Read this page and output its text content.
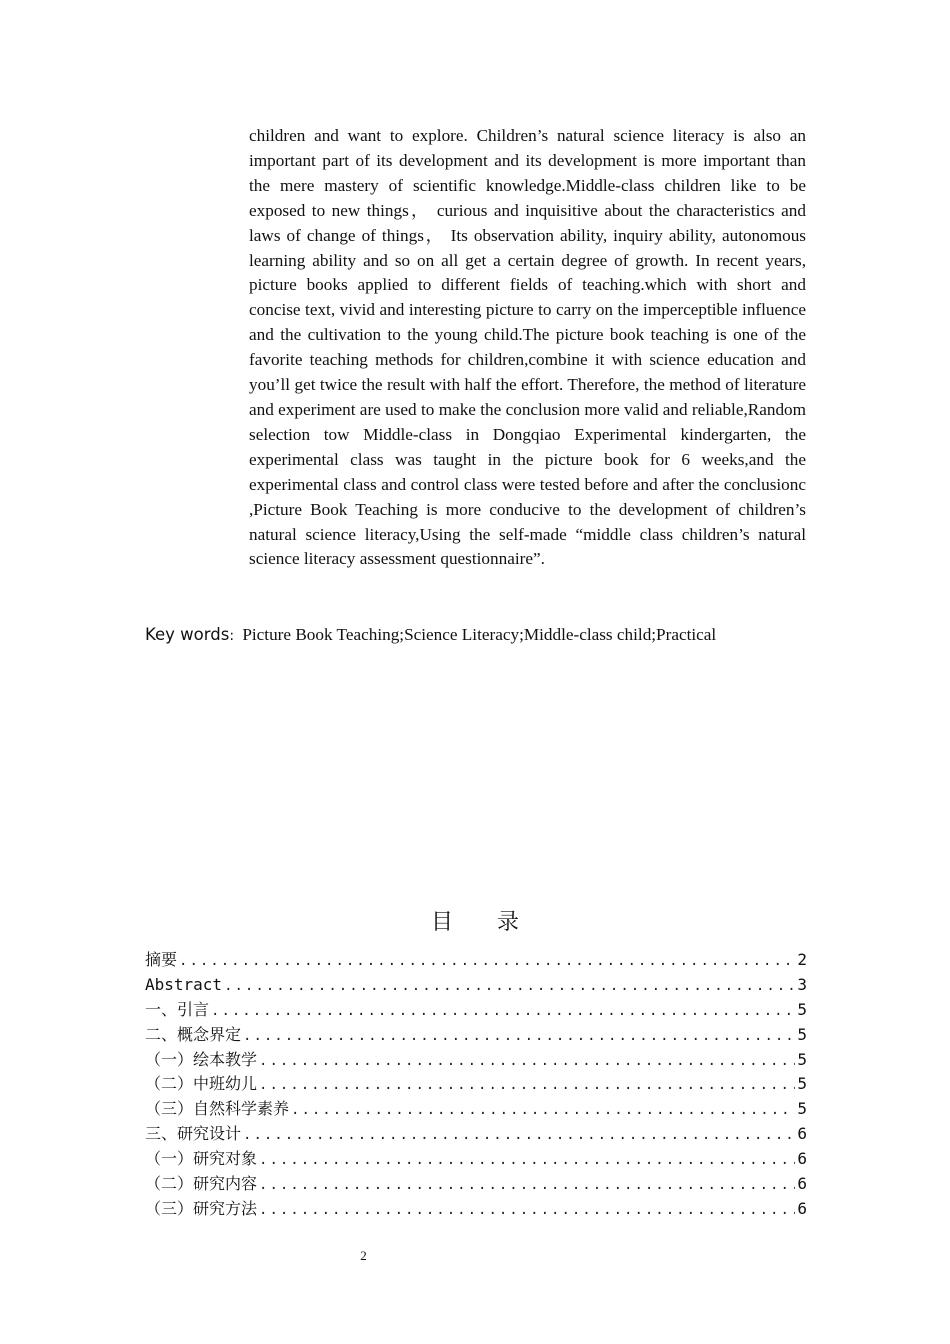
children and want to explore. Children’s natural science literacy is also an important part of its development and its development is more important than the mere mastery of scientific knowledge.Middle-class children like to be exposed to new things， curious and inquisitive about the characteristics and laws of change of things， Its observation ability, inquiry ability, autonomous learning ability and so on all get a certain degree of growth. In recent years, picture books applied to different fields of teaching.which with short and concise text, vivid and interesting picture to carry on the imperceptible influence and the cultivation to the young child.The picture book teaching is one of the favorite teaching methods for children,combine it with science education and you’ll get twice the result with half the effort. Therefore, the method of literature and experiment are used to make the conclusion more valid and reliable,Random selection tow Middle-class in Dongqiao Experimental kindergarten, the experimental class was taught in the picture book for 6 weeks,and the experimental class and control class were tested before and after the conclusionc ,Picture Book Teaching is more conducive to the development of children’s natural science literacy,Using the self-made “middle class children’s natural science literacy assessment questionnaire”.

Key words: Picture Book Teaching;Science Literacy;Middle-class child;Practical
目录
摘要 .....	2
Abstract .....	3
一、引言 .....	5
二、概念界定 .....	5
（一）绘本教学 .....	5
（二）中班幼儿 .....	5
（三）自然科学素养 .....	5
三、研究设计 .....	6
（一）研究对象 .....	6
（二）研究内容 .....	6
（三）研究方法 .....	6
2
